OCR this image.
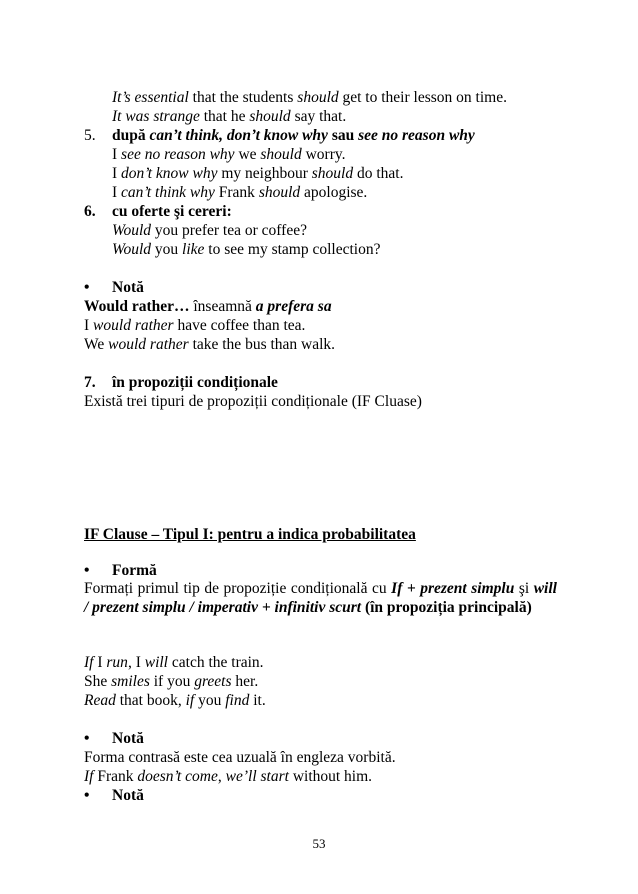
It’s essential that the students should get to their lesson on time.
It was strange that he should say that.
5. după can’t think, don’t know why sau see no reason why
I see no reason why we should worry.
I don’t know why my neighbour should do that.
I can’t think why Frank should apologise.
6. cu oferte şi cereri:
Would you prefer tea or coffee?
Would you like to see my stamp collection?
• Notă
Would rather… înseamnă a prefera sa
I would rather have coffee than tea.
We would rather take the bus than walk.
7. în propoziții condiționale
Există trei tipuri de propoziții condiționale (IF Cluase)
IF Clause – Tipul I: pentru a indica probabilitatea
• Formă
Formați primul tip de propoziție condițională cu If + prezent simplu şi will / prezent simplu / imperativ + infinitiv scurt (în propoziția principală)
If I run, I will catch the train.
She smiles if you greets her.
Read that book, if you find it.
• Notă
Forma contrasă este cea uzuală în engleza vorbită.
If Frank doesn’t come, we’ll start without him.
• Notă
53
